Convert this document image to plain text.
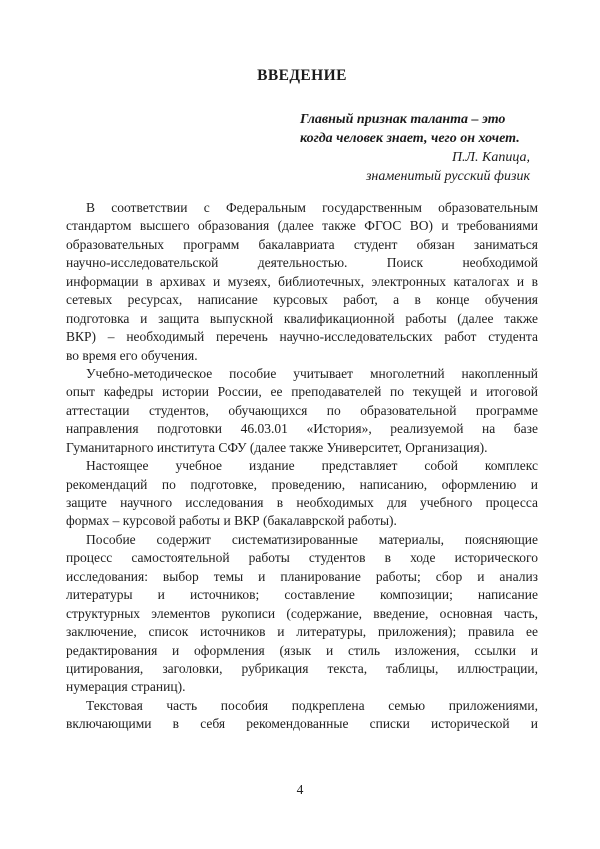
ВВЕДЕНИЕ
Главный признак таланта – это
когда человек знает, чего он хочет.
П.Л. Капица,
знаменитый русский физик
В соответствии с Федеральным государственным образовательным
стандартом высшего образования (далее также ФГОС ВО) и требованиями
образовательных программ бакалавриата студент обязан заниматься
научно-исследовательской деятельностью. Поиск необходимой
информации в архивах и музеях, библиотечных, электронных каталогах и в
сетевых ресурсах, написание курсовых работ, а в конце обучения
подготовка и защита выпускной квалификационной работы (далее также
ВКР) – необходимый перечень научно-исследовательских работ студента
во время его обучения.
Учебно-методическое пособие учитывает многолетний накопленный
опыт кафедры истории России, ее преподавателей по текущей и итоговой
аттестации студентов, обучающихся по образовательной программе
направления подготовки 46.03.01 «История», реализуемой на базе
Гуманитарного института СФУ (далее также Университет, Организация).
Настоящее учебное издание представляет собой комплекс
рекомендаций по подготовке, проведению, написанию, оформлению и
защите научного исследования в необходимых для учебного процесса
формах – курсовой работы и ВКР (бакалаврской работы).
Пособие содержит систематизированные материалы, поясняющие
процесс самостоятельной работы студентов в ходе исторического
исследования: выбор темы и планирование работы; сбор и анализ
литературы и источников; составление композиции; написание
структурных элементов рукописи (содержание, введение, основная часть,
заключение, список источников и литературы, приложения); правила ее
редактирования и оформления (язык и стиль изложения, ссылки и
цитирования, заголовки, рубрикация текста, таблицы, иллюстрации,
нумерация страниц).
Текстовая часть пособия подкреплена семью приложениями,
включающими в себя рекомендованные списки исторической и
4
